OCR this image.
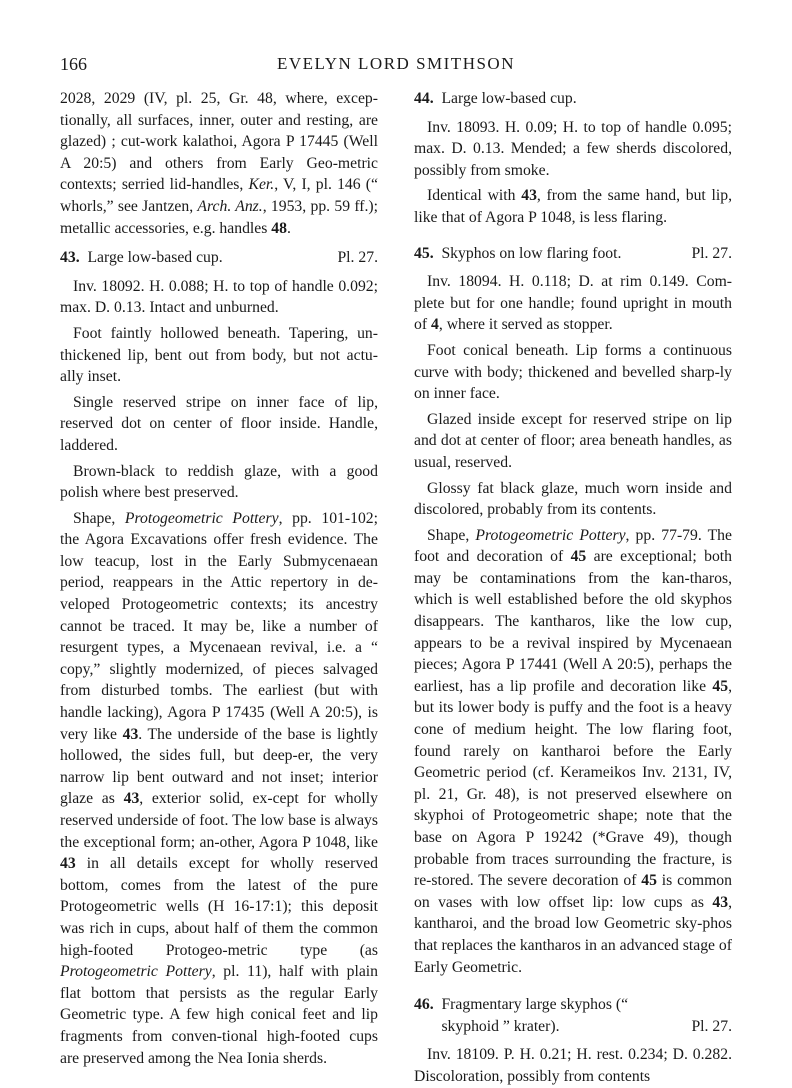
166	EVELYN LORD SMITHSON

2028, 2029 (IV, pl. 25, Gr. 48, where, excep-tionally, all surfaces, inner, outer and resting, are glazed) ; cut-work kalathoi, Agora P 17445 (Well A 20:5) and others from Early Geo-metric contexts; serried lid-handles, Ker., V, I, pl. 146 (“ whorls,” see Jantzen, Arch. Anz., 1953, pp. 59 ff.); metallic accessories, e.g. handles 48.

43. Large low-based cup.	Pl. 27.

Inv. 18092. H. 0.088; H. to top of handle 0.092; max. D. 0.13. Intact and unburned.

Foot faintly hollowed beneath. Tapering, un-thickened lip, bent out from body, but not actu-ally inset.

Single reserved stripe on inner face of lip, reserved dot on center of floor inside. Handle, laddered.

Brown-black to reddish glaze, with a good polish where best preserved.

Shape, Protogeometric Pottery, pp. 101-102; the Agora Excavations offer fresh evidence. The low teacup, lost in the Early Submycenaean period, reappears in the Attic repertory in de-veloped Protogeometric contexts; its ancestry cannot be traced. It may be, like a number of resurgent types, a Mycenaean revival, i.e. a “ copy,” slightly modernized, of pieces salvaged from disturbed tombs. The earliest (but with handle lacking), Agora P 17435 (Well A 20:5), is very like 43. The underside of the base is lightly hollowed, the sides full, but deep-er, the very narrow lip bent outward and not inset; interior glaze as 43, exterior solid, ex-cept for wholly reserved underside of foot. The low base is always the exceptional form; an-other, Agora P 1048, like 43 in all details except for wholly reserved bottom, comes from the latest of the pure Protogeometric wells (H 16-17:1); this deposit was rich in cups, about half of them the common high-footed Protogeo-metric type (as Protogeometric Pottery, pl. 11), half with plain flat bottom that persists as the regular Early Geometric type. A few high conical feet and lip fragments from conven-tional high-footed cups are preserved among the Nea Ionia sherds.

44. Large low-based cup.

Inv. 18093. H. 0.09; H. to top of handle 0.095; max. D. 0.13. Mended; a few sherds discolored, possibly from smoke.

Identical with 43, from the same hand, but lip, like that of Agora P 1048, is less flaring.

45. Skyphos on low flaring foot.	Pl. 27.

Inv. 18094. H. 0.118; D. at rim 0.149. Com-plete but for one handle; found upright in mouth of 4, where it served as stopper.

Foot conical beneath. Lip forms a continuous curve with body; thickened and bevelled sharp-ly on inner face.

Glazed inside except for reserved stripe on lip and dot at center of floor; area beneath handles, as usual, reserved.

Glossy fat black glaze, much worn inside and discolored, probably from its contents.

Shape, Protogeometric Pottery, pp. 77-79. The foot and decoration of 45 are exceptional; both may be contaminations from the kan-tharos, which is well established before the old skyphos disappears. The kantharos, like the low cup, appears to be a revival inspired by Mycenaean pieces; Agora P 17441 (Well A 20:5), perhaps the earliest, has a lip profile and decoration like 45, but its lower body is puffy and the foot is a heavy cone of medium height. The low flaring foot, found rarely on kantharoi before the Early Geometric period (cf. Kerameikos Inv. 2131, IV, pl. 21, Gr. 48), is not preserved elsewhere on skyphoi of Protogeometric shape; note that the base on Agora P 19242 (*Grave 49), though probable from traces surrounding the fracture, is re-stored. The severe decoration of 45 is common on vases with low offset lip: low cups as 43, kantharoi, and the broad low Geometric sky-phos that replaces the kantharos in an advanced stage of Early Geometric.

46.
Fragmentary large skyphos (“ skyphoid ” krater).	Pl. 27.

Inv. 18109. P. H. 0.21; H. rest. 0.234; D. 0.282. Discoloration, possibly from contents
